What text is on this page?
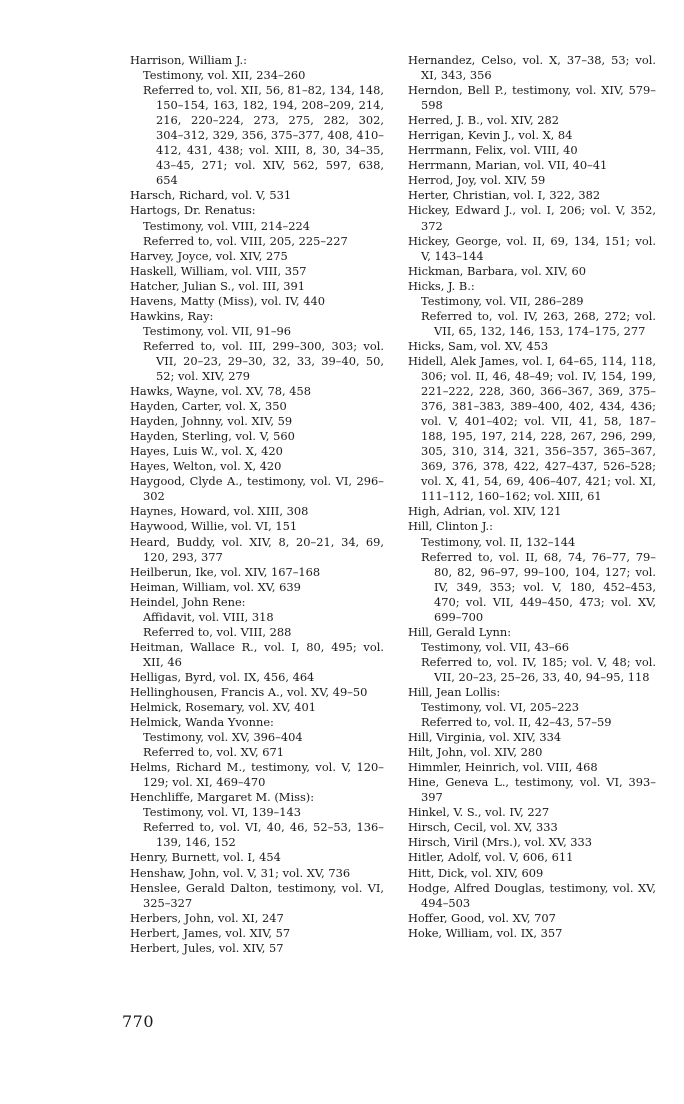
Harrison, William J.:
Testimony, vol. XII, 234–260
Referred to, vol. XII, 56, 81–82, 134, 148, 150–154, 163, 182, 194, 208–209, 214, 216, 220–224, 273, 275, 282, 302, 304–312, 329, 356, 375–377, 408, 410–412, 431, 438; vol. XIII, 8, 30, 34–35, 43–45, 271; vol. XIV, 562, 597, 638, 654
Harsch, Richard, vol. V, 531
Hartogs, Dr. Renatus:
Testimony, vol. VIII, 214–224
Referred to, vol. VIII, 205, 225–227
Harvey, Joyce, vol. XIV, 275
Haskell, William, vol. VIII, 357
Hatcher, Julian S., vol. III, 391
Havens, Matty (Miss), vol. IV, 440
Hawkins, Ray:
Testimony, vol. VII, 91–96
Referred to, vol. III, 299–300, 303; vol. VII, 20–23, 29–30, 32, 33, 39–40, 50, 52; vol. XIV, 279
Hawks, Wayne, vol. XV, 78, 458
Hayden, Carter, vol. X, 350
Hayden, Johnny, vol. XIV, 59
Hayden, Sterling, vol. V, 560
Hayes, Luis W., vol. X, 420
Hayes, Welton, vol. X, 420
Haygood, Clyde A., testimony, vol. VI, 296–302
Haynes, Howard, vol. XIII, 308
Haywood, Willie, vol. VI, 151
Heard, Buddy, vol. XIV, 8, 20–21, 34, 69, 120, 293, 377
Heilberun, Ike, vol. XIV, 167–168
Heiman, William, vol. XV, 639
Heindel, John Rene:
Affidavit, vol. VIII, 318
Referred to, vol. VIII, 288
Heitman, Wallace R., vol. I, 80, 495; vol. XII, 46
Helligas, Byrd, vol. IX, 456, 464
Hellinghousen, Francis A., vol. XV, 49–50
Helmick, Rosemary, vol. XV, 401
Helmick, Wanda Yvonne:
Testimony, vol. XV, 396–404
Referred to, vol. XV, 671
Helms, Richard M., testimony, vol. V, 120–129; vol. XI, 469–470
Henchliffe, Margaret M. (Miss):
Testimony, vol. VI, 139–143
Referred to, vol. VI, 40, 46, 52–53, 136–139, 146, 152
Henry, Burnett, vol. I, 454
Henshaw, John, vol. V, 31; vol. XV, 736
Henslee, Gerald Dalton, testimony, vol. VI, 325–327
Herbers, John, vol. XI, 247
Herbert, James, vol. XIV, 57
Herbert, Jules, vol. XIV, 57
Hernandez, Celso, vol. X, 37–38, 53; vol. XI, 343, 356
Herndon, Bell P., testimony, vol. XIV, 579–598
Herred, J. B., vol. XIV, 282
Herrigan, Kevin J., vol. X, 84
Herrmann, Felix, vol. VIII, 40
Herrmann, Marian, vol. VII, 40–41
Herrod, Joy, vol. XIV, 59
Herter, Christian, vol. I, 322, 382
Hickey, Edward J., vol. I, 206; vol. V, 352, 372
Hickey, George, vol. II, 69, 134, 151; vol. V, 143–144
Hickman, Barbara, vol. XIV, 60
Hicks, J. B.:
Testimony, vol. VII, 286–289
Referred to, vol. IV, 263, 268, 272; vol. VII, 65, 132, 146, 153, 174–175, 277
Hicks, Sam, vol. XV, 453
Hidell, Alek James, vol. I, 64–65, 114, 118, 306; vol. II, 46, 48–49; vol. IV, 154, 199, 221–222, 228, 360, 366–367, 369, 375–376, 381–383, 389–400, 402, 434, 436; vol. V, 401–402; vol. VII, 41, 58, 187–188, 195, 197, 214, 228, 267, 296, 299, 305, 310, 314, 321, 356–357, 365–367, 369, 376, 378, 422, 427–437, 526–528; vol. X, 41, 54, 69, 406–407, 421; vol. XI, 111–112, 160–162; vol. XIII, 61
High, Adrian, vol. XIV, 121
Hill, Clinton J.:
Testimony, vol. II, 132–144
Referred to, vol. II, 68, 74, 76–77, 79–80, 82, 96–97, 99–100, 104, 127; vol. IV, 349, 353; vol. V, 180, 452–453, 470; vol. VII, 449–450, 473; vol. XV, 699–700
Hill, Gerald Lynn:
Testimony, vol. VII, 43–66
Referred to, vol. IV, 185; vol. V, 48; vol. VII, 20–23, 25–26, 33, 40, 94–95, 118
Hill, Jean Lollis:
Testimony, vol. VI, 205–223
Referred to, vol. II, 42–43, 57–59
Hill, Virginia, vol. XIV, 334
Hilt, John, vol. XIV, 280
Himmler, Heinrich, vol. VIII, 468
Hine, Geneva L., testimony, vol. VI, 393–397
Hinkel, V. S., vol. IV, 227
Hirsch, Cecil, vol. XV, 333
Hirsch, Viril (Mrs.), vol. XV, 333
Hitler, Adolf, vol. V, 606, 611
Hitt, Dick, vol. XIV, 609
Hodge, Alfred Douglas, testimony, vol. XV, 494–503
Hoffer, Good, vol. XV, 707
Hoke, William, vol. IX, 357
770
